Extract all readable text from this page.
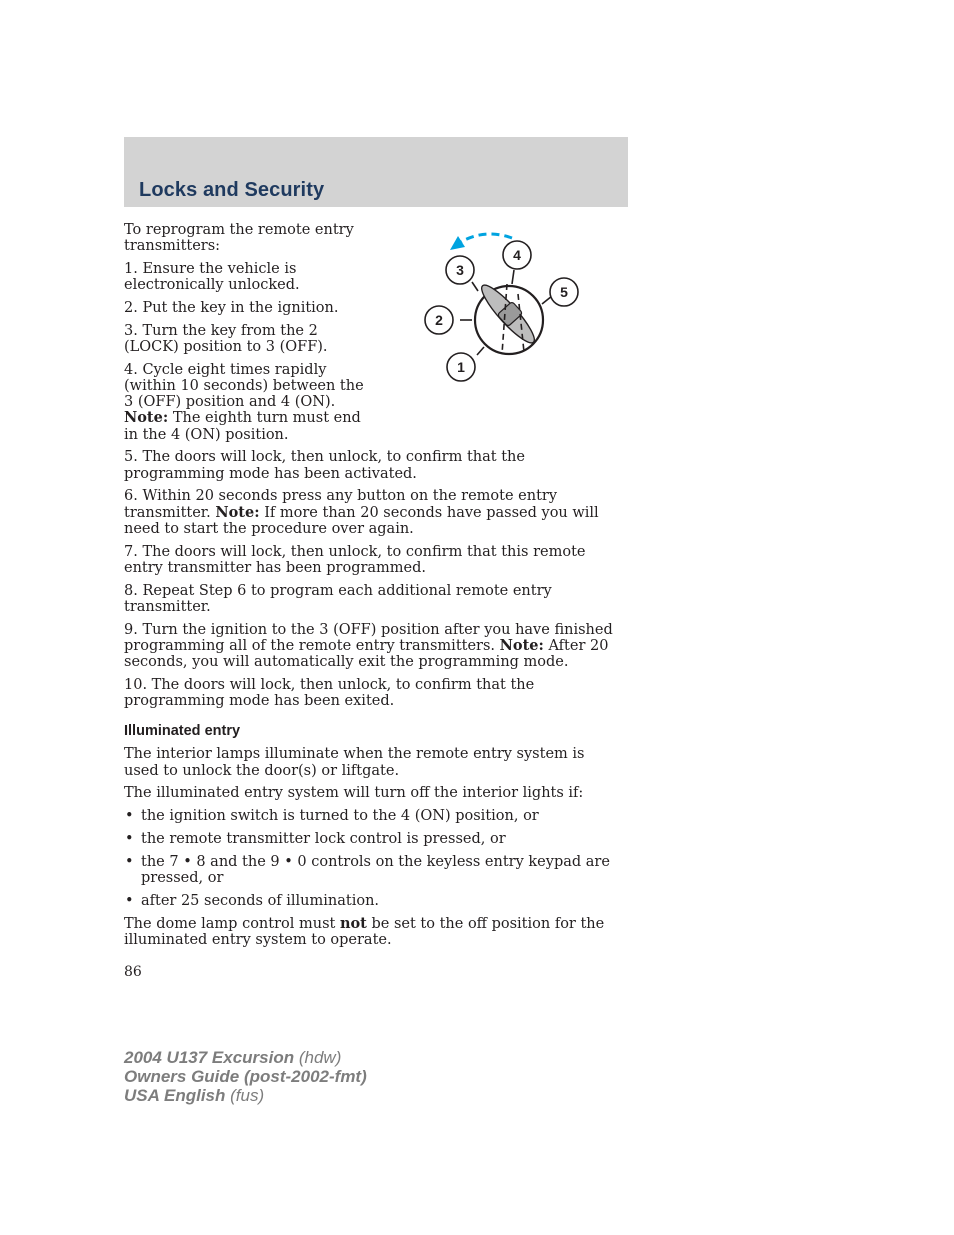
Locks and Security
1
2
3
4
5

To reprogram the remote entry transmitters:

1. Ensure the vehicle is electronically unlocked.

2. Put the key in the ignition.

3. Turn the key from the 2 (LOCK) position to 3 (OFF).

4. Cycle eight times rapidly (within 10 seconds) between the 3 (OFF) position and 4 (ON). Note: The eighth turn must end in the 4 (ON) position.

5. The doors will lock, then unlock, to confirm that the programming mode has been activated.

6. Within 20 seconds press any button on the remote entry transmitter. Note: If more than 20 seconds have passed you will need to start the procedure over again.

7. The doors will lock, then unlock, to confirm that this remote entry transmitter has been programmed.

8. Repeat Step 6 to program each additional remote entry transmitter.

9. Turn the ignition to the 3 (OFF) position after you have finished programming all of the remote entry transmitters. Note: After 20 seconds, you will automatically exit the programming mode.

10. The doors will lock, then unlock, to confirm that the programming mode has been exited.

Illuminated entry

The interior lamps illuminate when the remote entry system is used to unlock the door(s) or liftgate.

The illuminated entry system will turn off the interior lights if:

• the ignition switch is turned to the 4 (ON) position, or
• the remote transmitter lock control is pressed, or
• the 7 • 8 and the 9 • 0 controls on the keyless entry keypad are pressed, or
• after 25 seconds of illumination.

The dome lamp control must not be set to the off position for the illuminated entry system to operate.

86
2004 U137 Excursion (hdw)
Owners Guide (post-2002-fmt)
USA English (fus)
